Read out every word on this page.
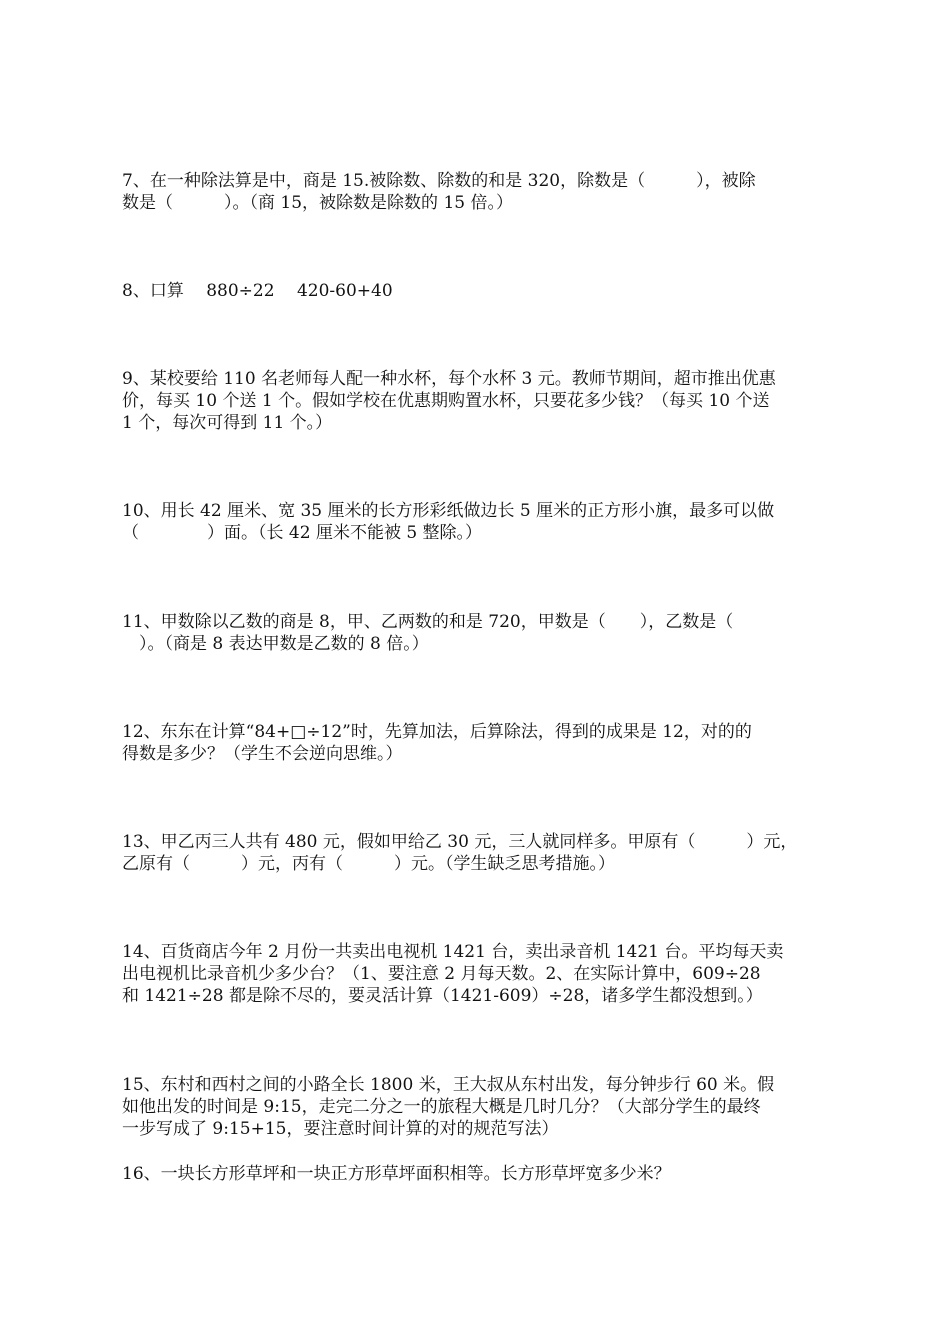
7、在一种除法算是中，商是 15.被除数、除数的和是 320，除数是（　　　），被除
数是（　　　）。（商 15，被除数是除数的 15 倍。）

8、口算　 880÷22　 420-60+40

9、某校要给 110 名老师每人配一种水杯，每个水杯 3 元。教师节期间，超市推出优惠
价，每买 10 个送 1 个。假如学校在优惠期购置水杯，只要花多少钱？（每买 10 个送
1 个，每次可得到 11 个。）

10、用长 42 厘米、宽 35 厘米的长方形彩纸做边长 5 厘米的正方形小旗，最多可以做
（　　　　）面。（长 42 厘米不能被 5 整除。）

11、甲数除以乙数的商是 8，甲、乙两数的和是 720，甲数是（　　），乙数是（
　）。（商是 8 表达甲数是乙数的 8 倍。）

12、东东在计算“84+□÷12”时，先算加法，后算除法，得到的成果是 12，对的的
得数是多少？（学生不会逆向思维。）

13、甲乙丙三人共有 480 元，假如甲给乙 30 元，三人就同样多。甲原有（　　　）元，
乙原有（　　　）元，丙有（　　　）元。（学生缺乏思考措施。）

14、百货商店今年 2 月份一共卖出电视机 1421 台，卖出录音机 1421 台。平均每天卖
出电视机比录音机少多少台？（1、要注意 2 月每天数。2、在实际计算中，609÷28
和 1421÷28 都是除不尽的，要灵活计算（1421-609）÷28，诸多学生都没想到。）

15、东村和西村之间的小路全长 1800 米，王大叔从东村出发，每分钟步行 60 米。假
如他出发的时间是 9:15，走完二分之一的旅程大概是几时几分？（大部分学生的最终
一步写成了 9:15+15，要注意时间计算的对的规范写法）

16、一块长方形草坪和一块正方形草坪面积相等。长方形草坪宽多少米？
